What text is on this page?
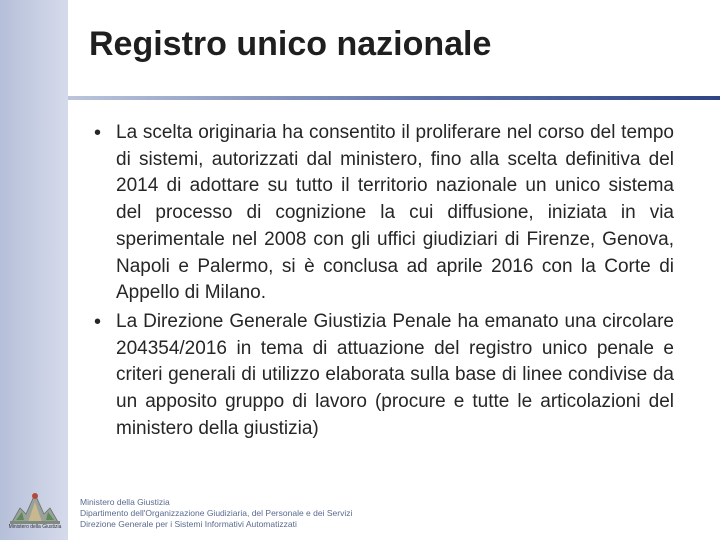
Registro unico nazionale
• La scelta originaria ha consentito il proliferare nel corso del tempo di sistemi, autorizzati dal ministero, fino alla scelta definitiva del 2014 di adottare su tutto il territorio nazionale un unico sistema del processo di cognizione la cui diffusione, iniziata in via sperimentale nel 2008 con gli uffici giudiziari di Firenze, Genova, Napoli e Palermo, si è conclusa ad aprile 2016 con la Corte di Appello di Milano.
• La Direzione Generale Giustizia Penale ha emanato una circolare 204354/2016 in tema di attuazione del registro unico penale e criteri generali di utilizzo elaborata sulla base di linee condivise da un apposito gruppo di lavoro (procure e tutte le articolazioni del ministero della giustizia)
Ministero della Giustizia
Ministero della Giustizia
Dipartimento dell'Organizzazione Giudiziaria, del Personale e dei Servizi
Direzione Generale per i Sistemi Informativi Automatizzati
